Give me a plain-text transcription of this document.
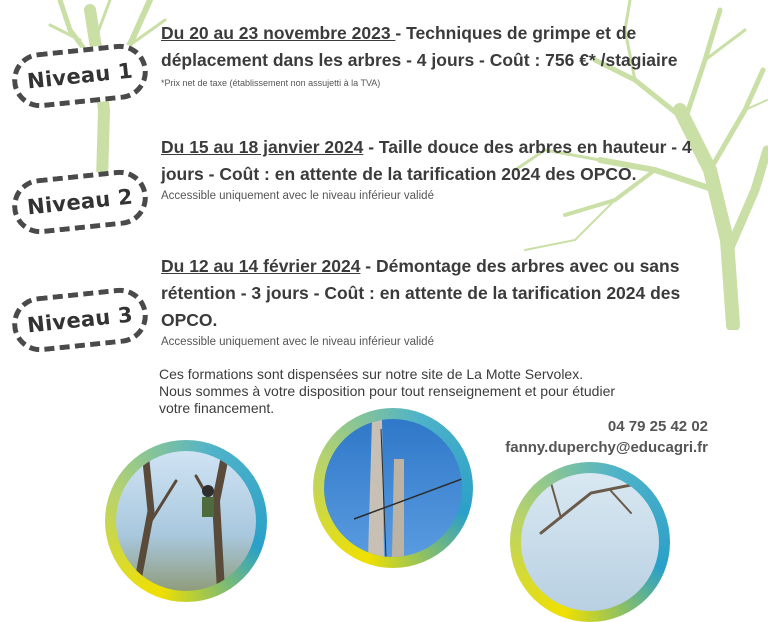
Niveau 1
Niveau 2
Niveau 3

Du 20 au 23 novembre 2023 - Techniques de grimpe et de déplacement dans les arbres - 4 jours - Coût : 756 €* /stagiaire

*Prix net de taxe (établissement non assujetti à la TVA)

Du 15 au 18 janvier 2024 - Taille douce des arbres en hauteur - 4 jours - Coût : en attente de la tarification 2024 des OPCO.

Accessible uniquement avec le niveau inférieur validé

Du 12 au 14 février 2024 - Démontage des arbres avec ou sans rétention - 3 jours - Coût : en attente de la tarification 2024 des OPCO.

Accessible uniquement avec le niveau inférieur validé

Ces formations sont dispensées sur notre site de La Motte Servolex.
Nous sommes à votre disposition pour tout renseignement et pour étudier
votre financement.
04 79 25 42 02
fanny.duperchy@educagri.fr
